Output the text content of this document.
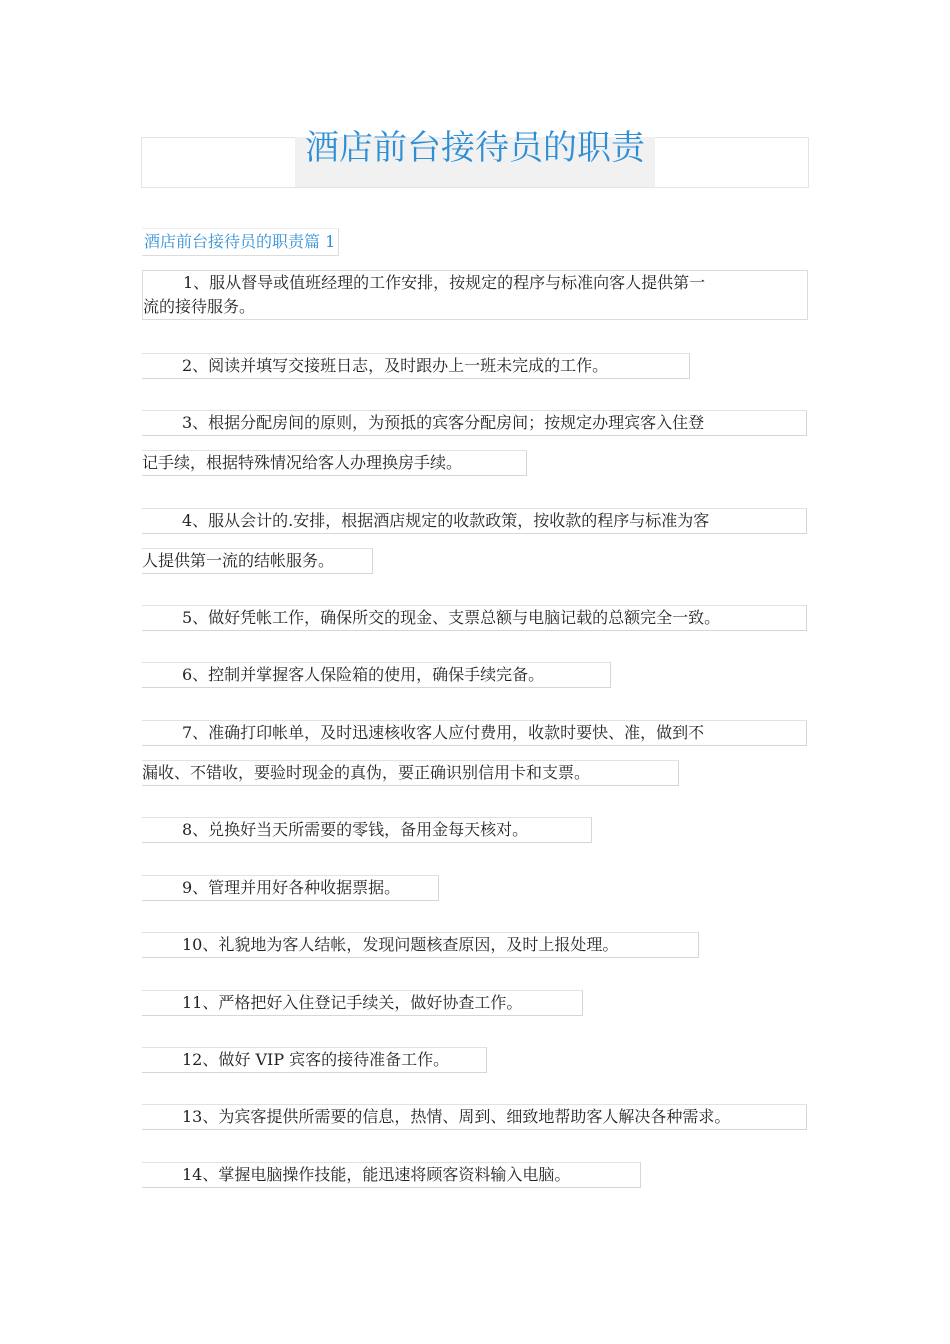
酒店前台接待员的职责
酒店前台接待员的职责篇 1
1、服从督导或值班经理的工作安排，按规定的程序与标准向客人提供第一
流的接待服务。
2、阅读并填写交接班日志，及时跟办上一班未完成的工作。
3、根据分配房间的原则，为预抵的宾客分配房间；按规定办理宾客入住登
记手续，根据特殊情况给客人办理换房手续。
4、服从会计的.安排，根据酒店规定的收款政策，按收款的程序与标准为客
人提供第一流的结帐服务。
5、做好凭帐工作，确保所交的现金、支票总额与电脑记载的总额完全一致。
6、控制并掌握客人保险箱的使用，确保手续完备。
7、准确打印帐单，及时迅速核收客人应付费用，收款时要快、准，做到不
漏收、不错收，要验时现金的真伪，要正确识别信用卡和支票。
8、兑换好当天所需要的零钱，备用金每天核对。
9、管理并用好各种收据票据。
10、礼貌地为客人结帐，发现问题核查原因，及时上报处理。
11、严格把好入住登记手续关，做好协查工作。
12、做好 VIP 宾客的接待准备工作。
13、为宾客提供所需要的信息，热情、周到、细致地帮助客人解决各种需求。
14、掌握电脑操作技能，能迅速将顾客资料输入电脑。
